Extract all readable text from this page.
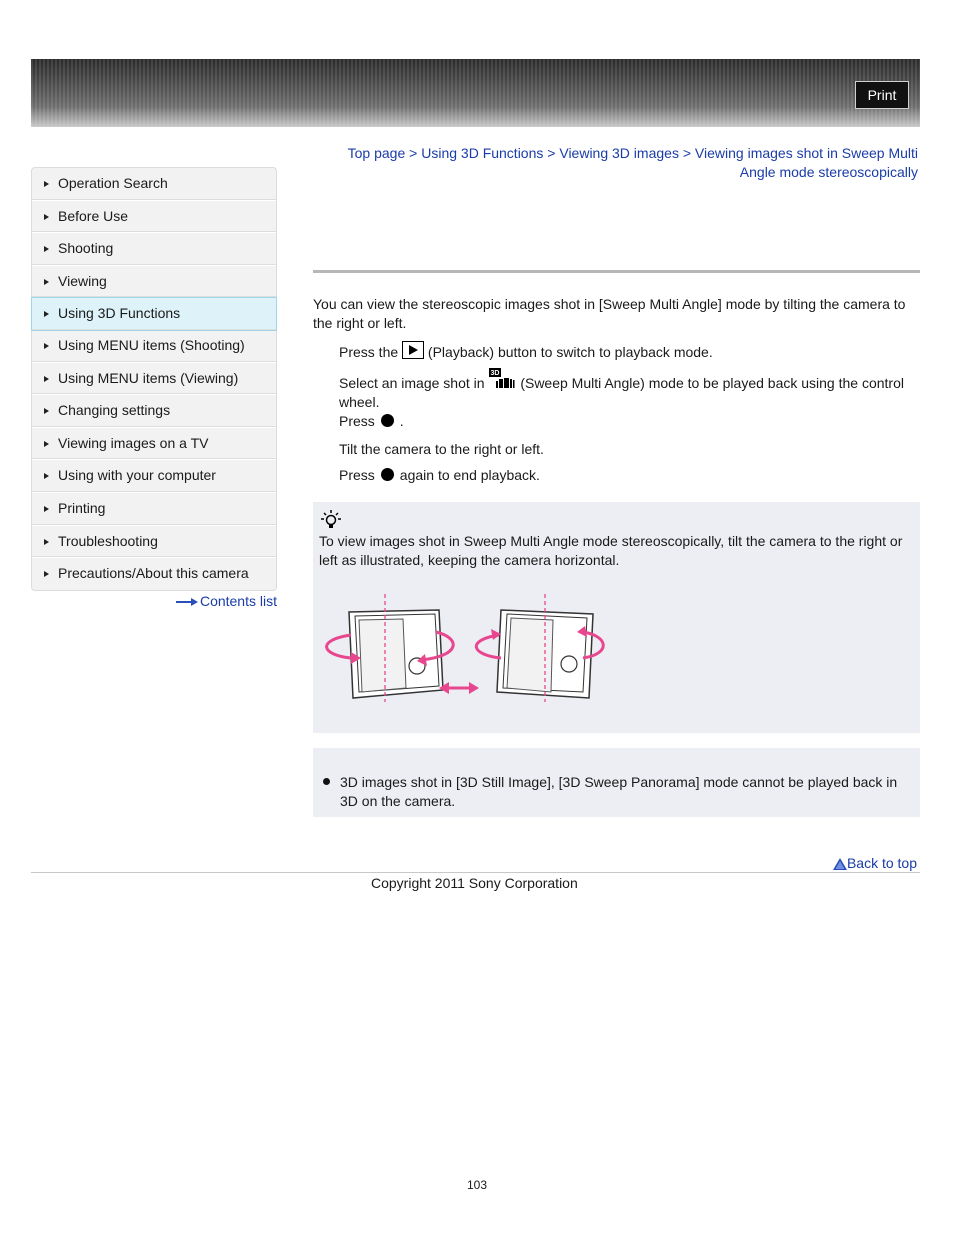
Print
Operation Search
Before Use
Shooting
Viewing
Using 3D Functions
Using MENU items (Shooting)
Using MENU items (Viewing)
Changing settings
Viewing images on a TV
Using with your computer
Printing
Troubleshooting
Precautions/About this camera
Contents list
Top page > Using 3D Functions > Viewing 3D images > Viewing images shot in Sweep Multi Angle mode stereoscopically
You can view the stereoscopic images shot in [Sweep Multi Angle] mode by tilting the camera to the right or left.
Press the (Playback) button to switch to playback mode.
Select an image shot in
3D
(Sweep Multi Angle) mode to be played back using the control wheel.
Press .
Tilt the camera to the right or left.
Press again to end playback.
To view images shot in Sweep Multi Angle mode stereoscopically, tilt the camera to the right or left as illustrated, keeping the camera horizontal.
3D images shot in [3D Still Image], [3D Sweep Panorama] mode cannot be played back in 3D on the camera.
Back to top
Copyright 2011 Sony Corporation
103
